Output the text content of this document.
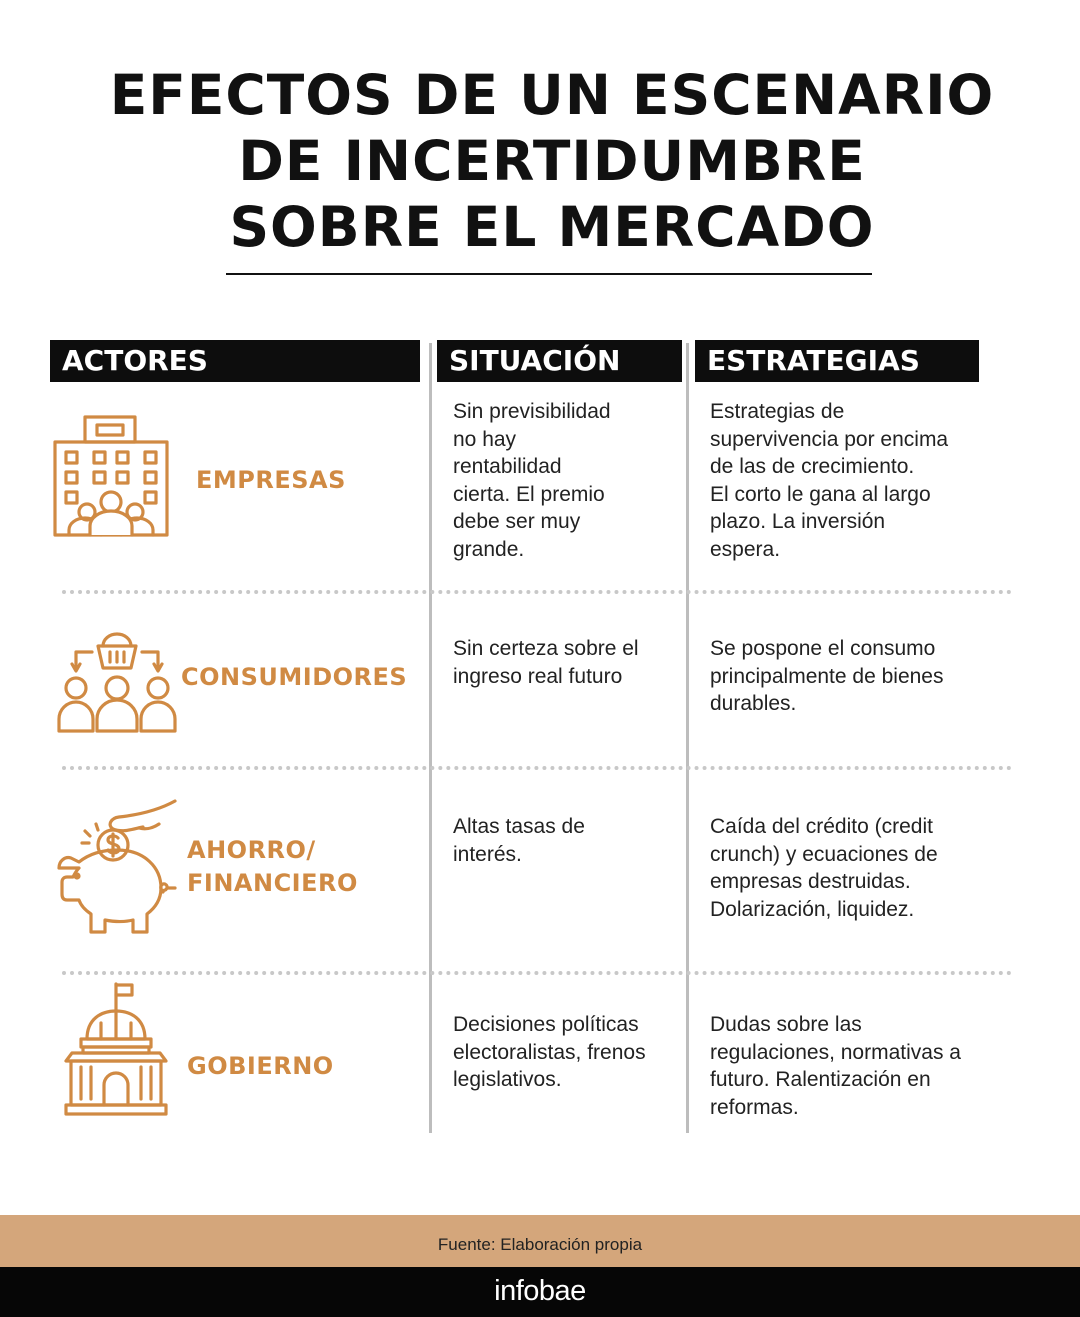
EFECTOS DE UN ESCENARIO
DE INCERTIDUMBRE
SOBRE EL MERCADO
ACTORES	SITUACIÓN	ESTRATEGIAS
EMPRESAS
Sin previsibilidad
no hay
rentabilidad
cierta. El premio
debe ser muy
grande.
Estrategias de
supervivencia por encima
de las de crecimiento.
El corto le gana al largo
plazo. La inversión
espera.
CONSUMIDORES
Sin certeza sobre el
ingreso real futuro
Se pospone el consumo
principalmente de bienes
durables.
AHORRO/
FINANCIERO
Altas tasas de
interés.
Caída del crédito (credit
crunch) y ecuaciones de
empresas destruidas.
Dolarización, liquidez.
GOBIERNO
Decisiones políticas
electoralistas, frenos
legislativos.
Dudas sobre las
regulaciones, normativas a
futuro. Ralentización en
reformas.
Fuente: Elaboración propia
infobae
